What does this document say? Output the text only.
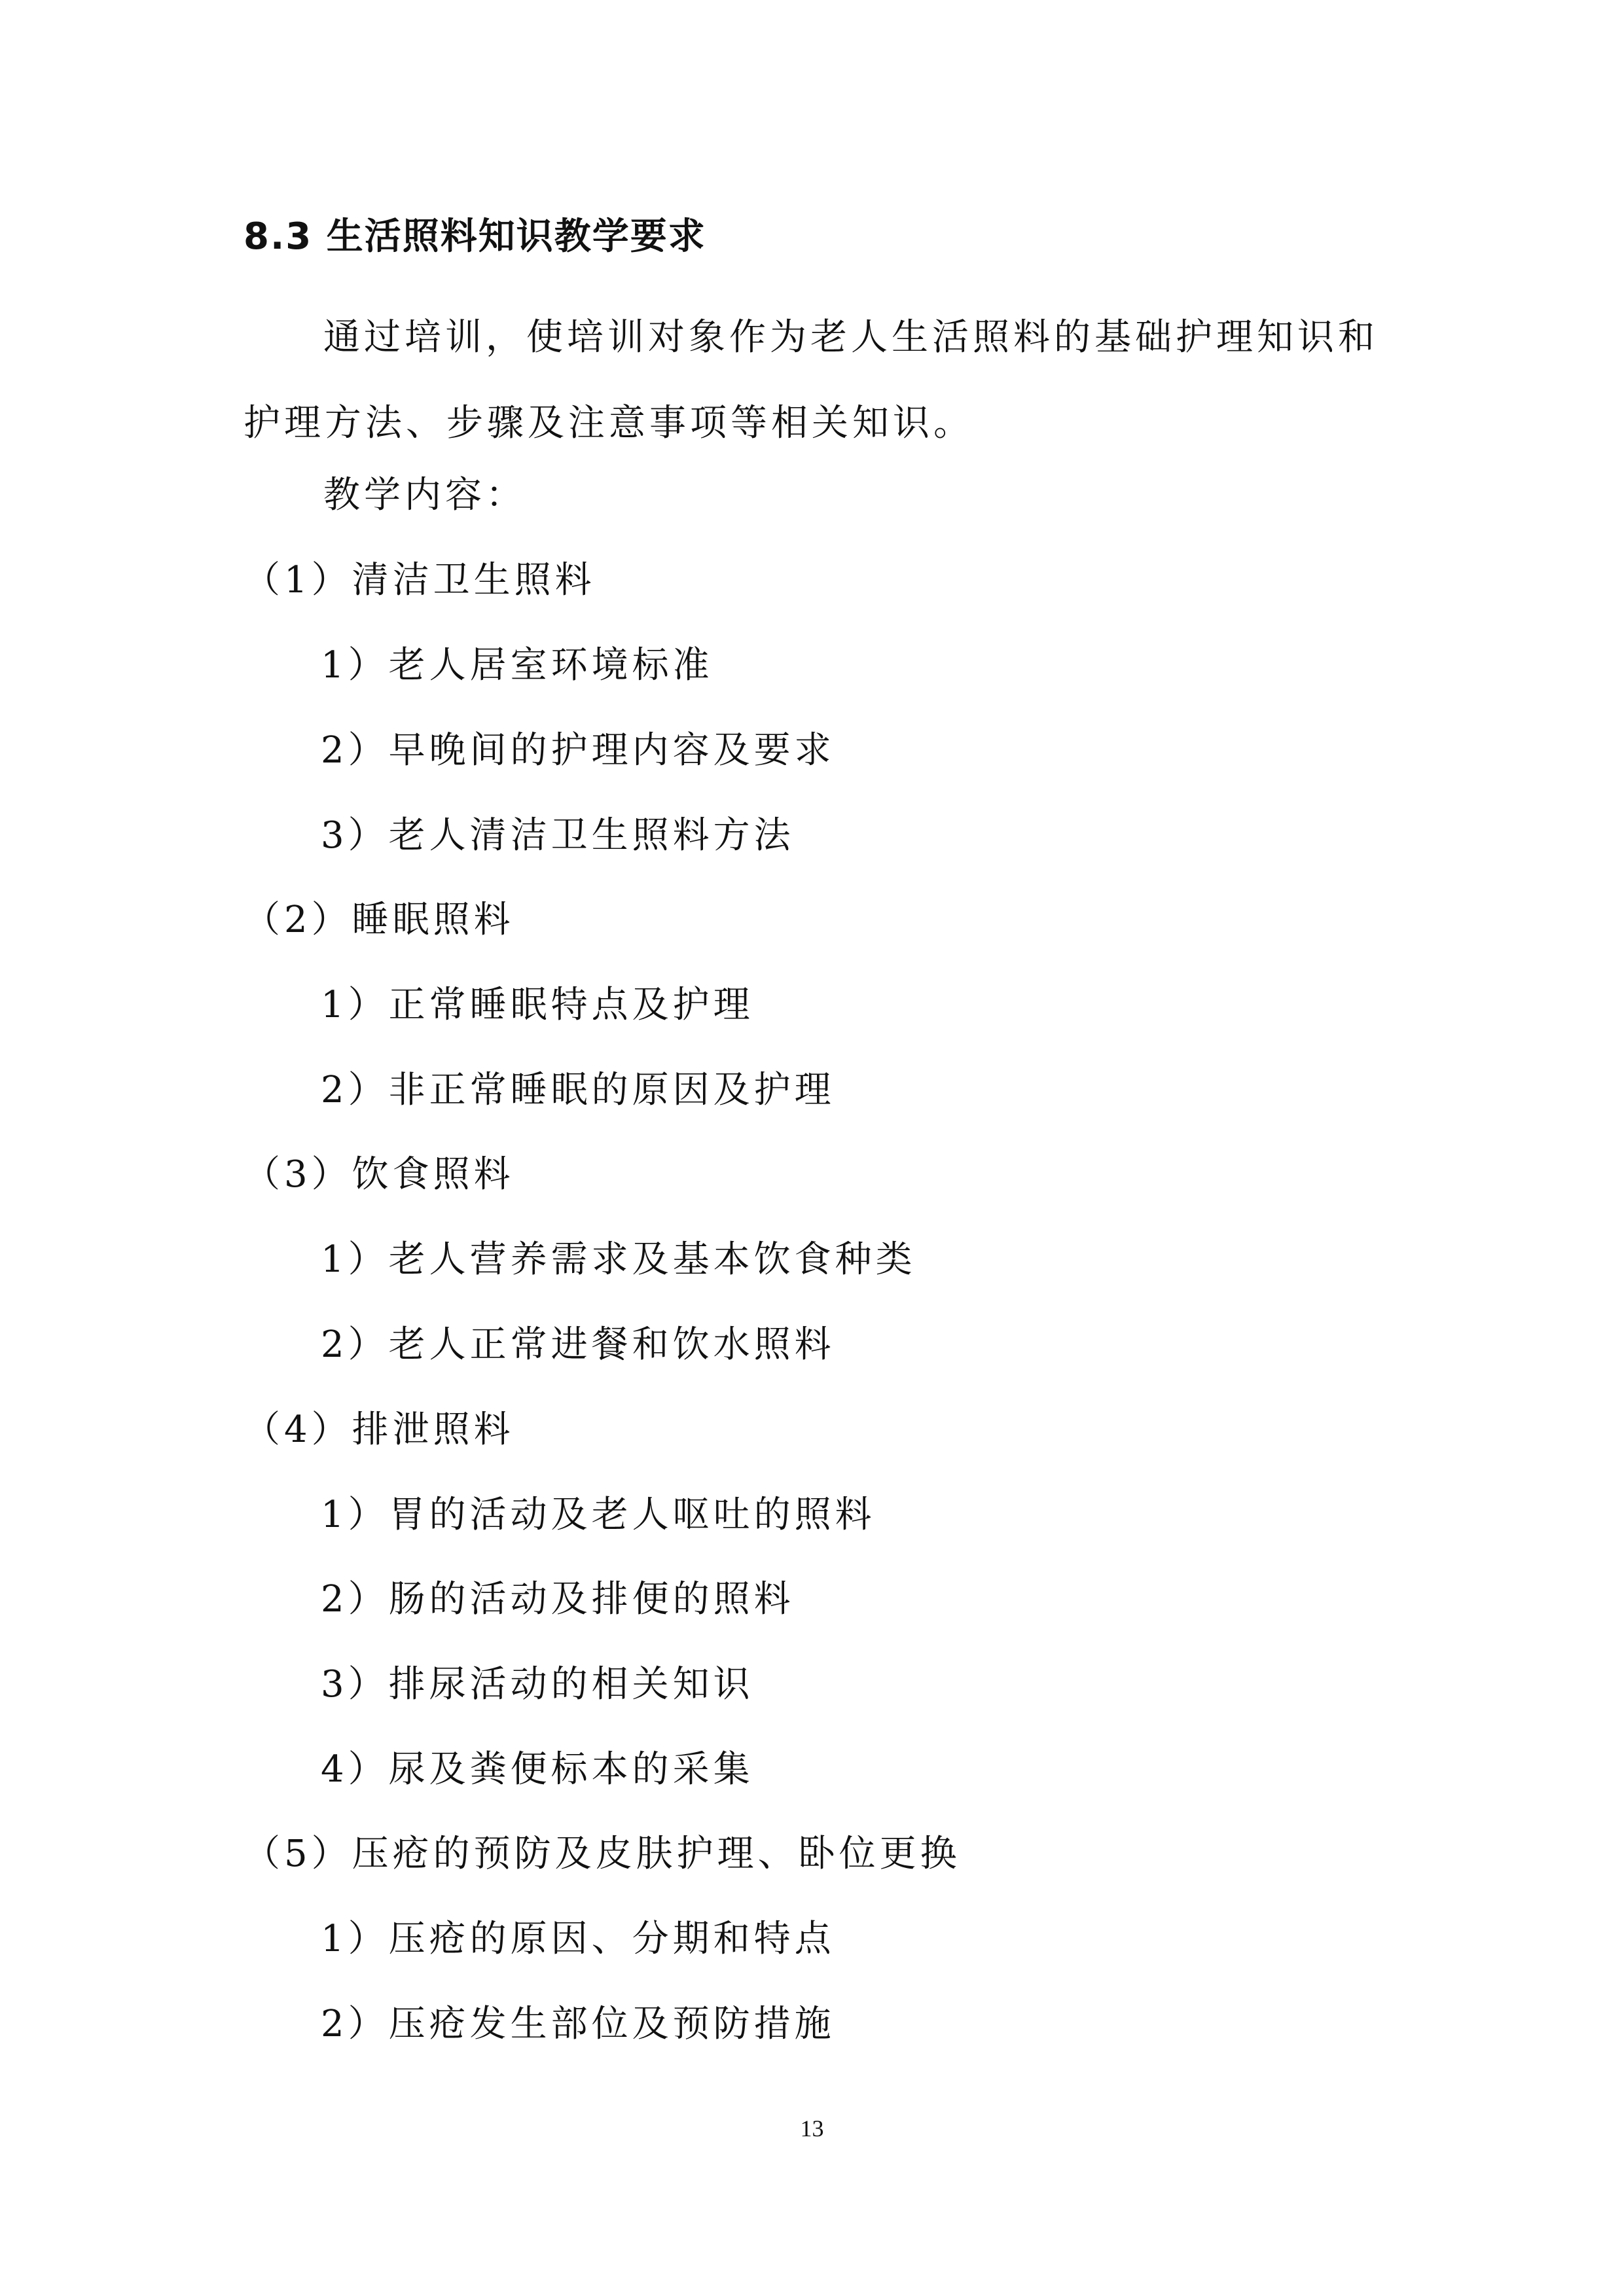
8.3 生活照料知识教学要求
通过培训，使培训对象作为老人生活照料的基础护理知识和护理方法、步骤及注意事项等相关知识。
教学内容：
（1）清洁卫生照料
1）老人居室环境标准
2）早晚间的护理内容及要求
3）老人清洁卫生照料方法
（2）睡眠照料
1）正常睡眠特点及护理
2）非正常睡眠的原因及护理
（3）饮食照料
1）老人营养需求及基本饮食种类
2）老人正常进餐和饮水照料
（4）排泄照料
1）胃的活动及老人呕吐的照料
2）肠的活动及排便的照料
3）排尿活动的相关知识
4）尿及粪便标本的采集
（5）压疮的预防及皮肤护理、卧位更换
1）压疮的原因、分期和特点
2）压疮发生部位及预防措施
13
